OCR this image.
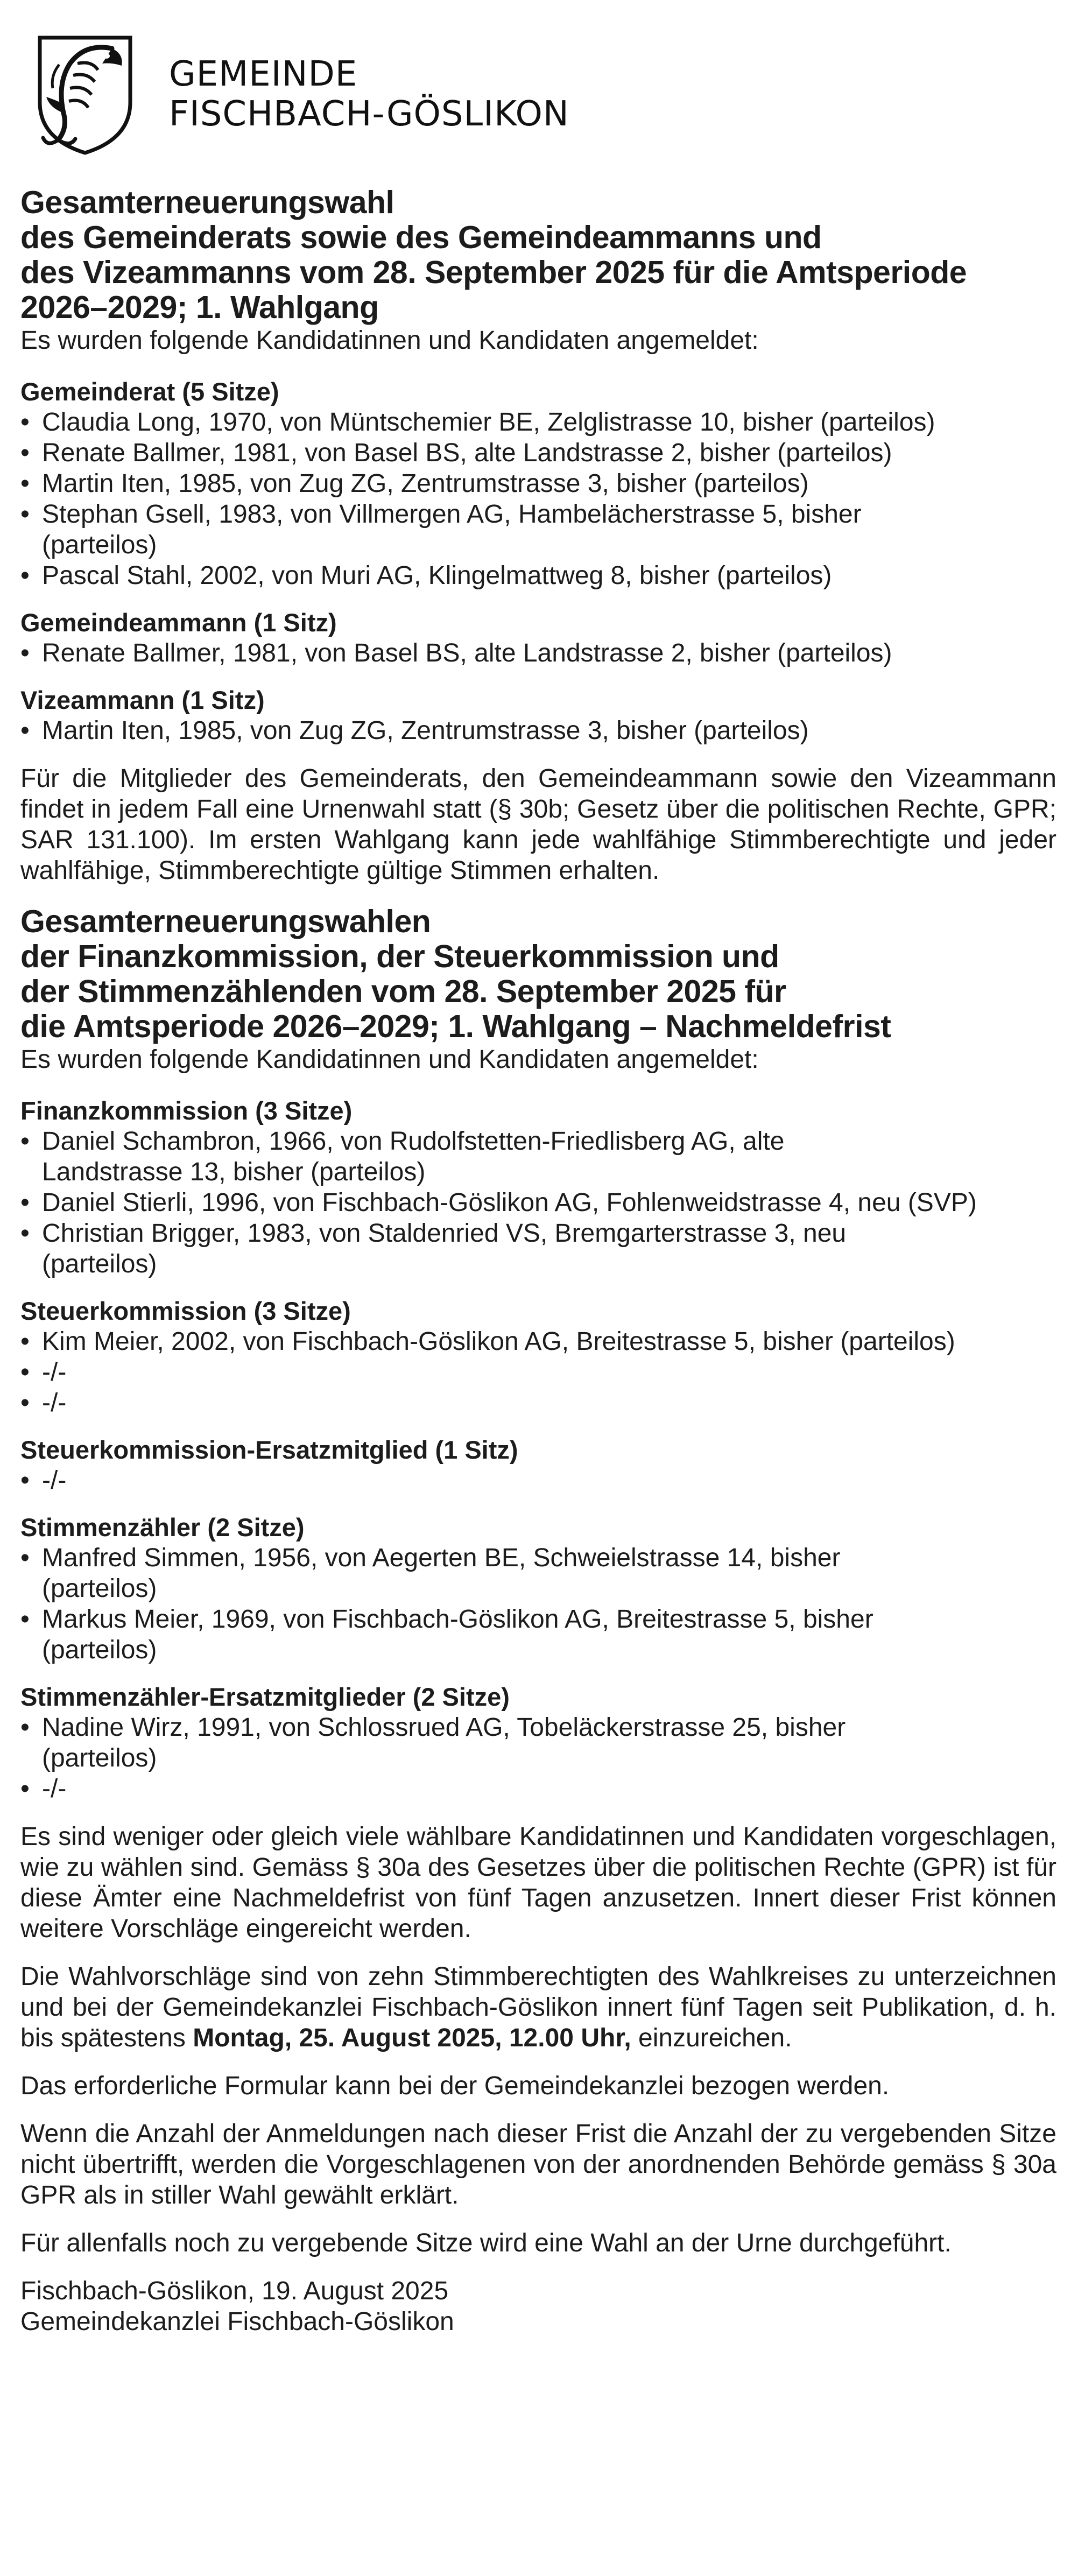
GEMEINDE
FISCHBACH-GÖSLIKON
Gesamterneuerungswahl
des Gemeinderats sowie des Gemeindeammanns und
des Vizeammanns vom 28. September 2025 für die Amtsperiode
2026–2029; 1. Wahlgang

Es wurden folgende Kandidatinnen und Kandidaten angemeldet:

Gemeinderat (5 Sitze)
• Claudia Long, 1970, von Müntschemier BE, Zelglistrasse 10, bisher (parteilos)
• Renate Ballmer, 1981, von Basel BS, alte Landstrasse 2, bisher (parteilos)
• Martin Iten, 1985, von Zug ZG, Zentrumstrasse 3, bisher (parteilos)
• Stephan Gsell, 1983, von Villmergen AG, Hambelächerstrasse 5, bisher (parteilos)
• Pascal Stahl, 2002, von Muri AG, Klingelmattweg 8, bisher (parteilos)
Gemeindeammann (1 Sitz)
• Renate Ballmer, 1981, von Basel BS, alte Landstrasse 2, bisher (parteilos)
Vizeammann (1 Sitz)
• Martin Iten, 1985, von Zug ZG, Zentrumstrasse 3, bisher (parteilos)

Für die Mitglieder des Gemeinderats, den Gemeindeammann sowie den Vizeammann findet in jedem Fall eine Urnenwahl statt (§ 30b; Gesetz über die politischen Rechte, GPR; SAR 131.100). Im ersten Wahlgang kann jede wahlfähige Stimmberechtigte und jeder wahlfähige, Stimmberechtigte gültige Stimmen erhalten.

Gesamterneuerungswahlen
der Finanzkommission, der Steuerkommission und
der Stimmenzählenden vom 28. September 2025 für
die Amtsperiode 2026–2029; 1. Wahlgang – Nachmeldefrist

Es wurden folgende Kandidatinnen und Kandidaten angemeldet:

Finanzkommission (3 Sitze)
• Daniel Schambron, 1966, von Rudolfstetten-Friedlisberg AG, alte Landstrasse 13, bisher (parteilos)
• Daniel Stierli, 1996, von Fischbach-Göslikon AG, Fohlenweidstrasse 4, neu (SVP)
• Christian Brigger, 1983, von Staldenried VS, Bremgarterstrasse 3, neu (parteilos)
Steuerkommission (3 Sitze)
• Kim Meier, 2002, von Fischbach-Göslikon AG, Breitestrasse 5, bisher (parteilos)
• -/-
• -/-
Steuerkommission-Ersatzmitglied (1 Sitz)
• -/-
Stimmenzähler (2 Sitze)
• Manfred Simmen, 1956, von Aegerten BE, Schweielstrasse 14, bisher (parteilos)
• Markus Meier, 1969, von Fischbach-Göslikon AG, Breitestrasse 5, bisher (parteilos)
Stimmenzähler-Ersatzmitglieder (2 Sitze)
• Nadine Wirz, 1991, von Schlossrued AG, Tobeläckerstrasse 25, bisher (parteilos)
• -/-

Es sind weniger oder gleich viele wählbare Kandidatinnen und Kandidaten vorgeschlagen, wie zu wählen sind. Gemäss § 30a des Gesetzes über die politischen Rechte (GPR) ist für diese Ämter eine Nachmeldefrist von fünf Tagen anzusetzen. Innert dieser Frist können weitere Vorschläge eingereicht werden.

Die Wahlvorschläge sind von zehn Stimmberechtigten des Wahlkreises zu unterzeichnen und bei der Gemeindekanzlei Fischbach-Göslikon innert fünf Tagen seit Publikation, d. h. bis spätestens Montag, 25. August 2025, 12.00 Uhr, einzureichen.

Das erforderliche Formular kann bei der Gemeindekanzlei bezogen werden.

Wenn die Anzahl der Anmeldungen nach dieser Frist die Anzahl der zu vergebenden Sitze nicht übertrifft, werden die Vorgeschlagenen von der anordnenden Behörde gemäss § 30a GPR als in stiller Wahl gewählt erklärt.

Für allenfalls noch zu vergebende Sitze wird eine Wahl an der Urne durchgeführt.

Fischbach-Göslikon, 19. August 2025
Gemeindekanzlei Fischbach-Göslikon
